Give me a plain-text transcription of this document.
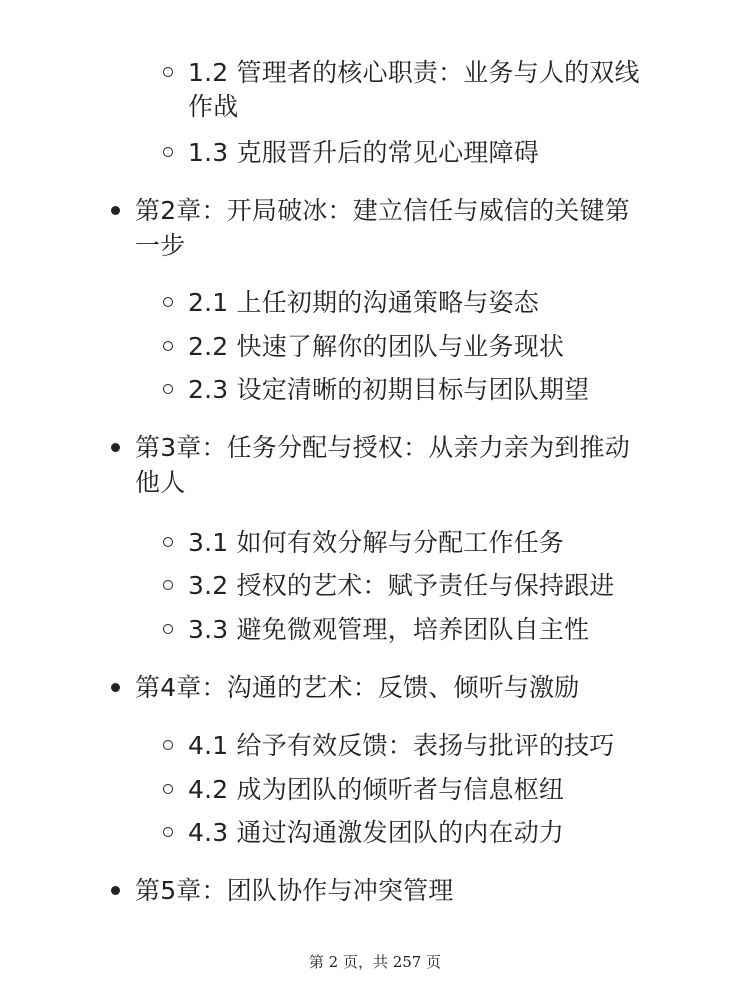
1.2 管理者的核心职责：业务与人的双线
作战
1.3 克服晋升后的常见心理障碍
第2章：开局破冰：建立信任与威信的关键第
一步
2.1 上任初期的沟通策略与姿态
2.2 快速了解你的团队与业务现状
2.3 设定清晰的初期目标与团队期望
第3章：任务分配与授权：从亲力亲为到推动
他人
3.1 如何有效分解与分配工作任务
3.2 授权的艺术：赋予责任与保持跟进
3.3 避免微观管理，培养团队自主性
第4章：沟通的艺术：反馈、倾听与激励
4.1 给予有效反馈：表扬与批评的技巧
4.2 成为团队的倾听者与信息枢纽
4.3 通过沟通激发团队的内在动力
第5章：团队协作与冲突管理
第 2 页，共 257 页
